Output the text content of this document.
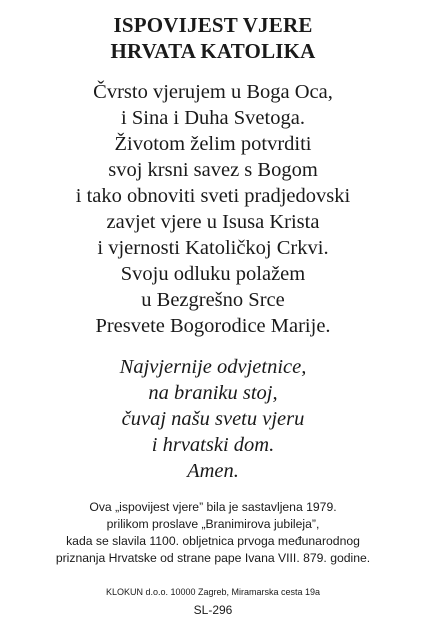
ISPOVIJEST VJERE
HRVATA KATOLIKA
Čvrsto vjerujem u Boga Oca,
i Sina i Duha Svetoga.
Životom želim potvrditi
svoj krsni savez s Bogom
i tako obnoviti sveti pradjedovski
zavjet vjere u Isusa Krista
i vjernosti Katoličkoj Crkvi.
Svoju odluku polažem
u Bezgrešno Srce
Presvete Bogorodice Marije.
Najvjernije odvjetnice,
na braniku stoj,
čuvaj našu svetu vjeru
i hrvatski dom.
Amen.
Ova „ispovijest vjere” bila je sastavljena 1979.
prilikom proslave „Branimirova jubileja”,
kada se slavila 1100. obljetnica prvoga međunarodnog
priznanja Hrvatske od strane pape Ivana VIII. 879. godine.
KLOKUN d.o.o. 10000 Zagreb, Miramarska cesta 19a
SL-296
